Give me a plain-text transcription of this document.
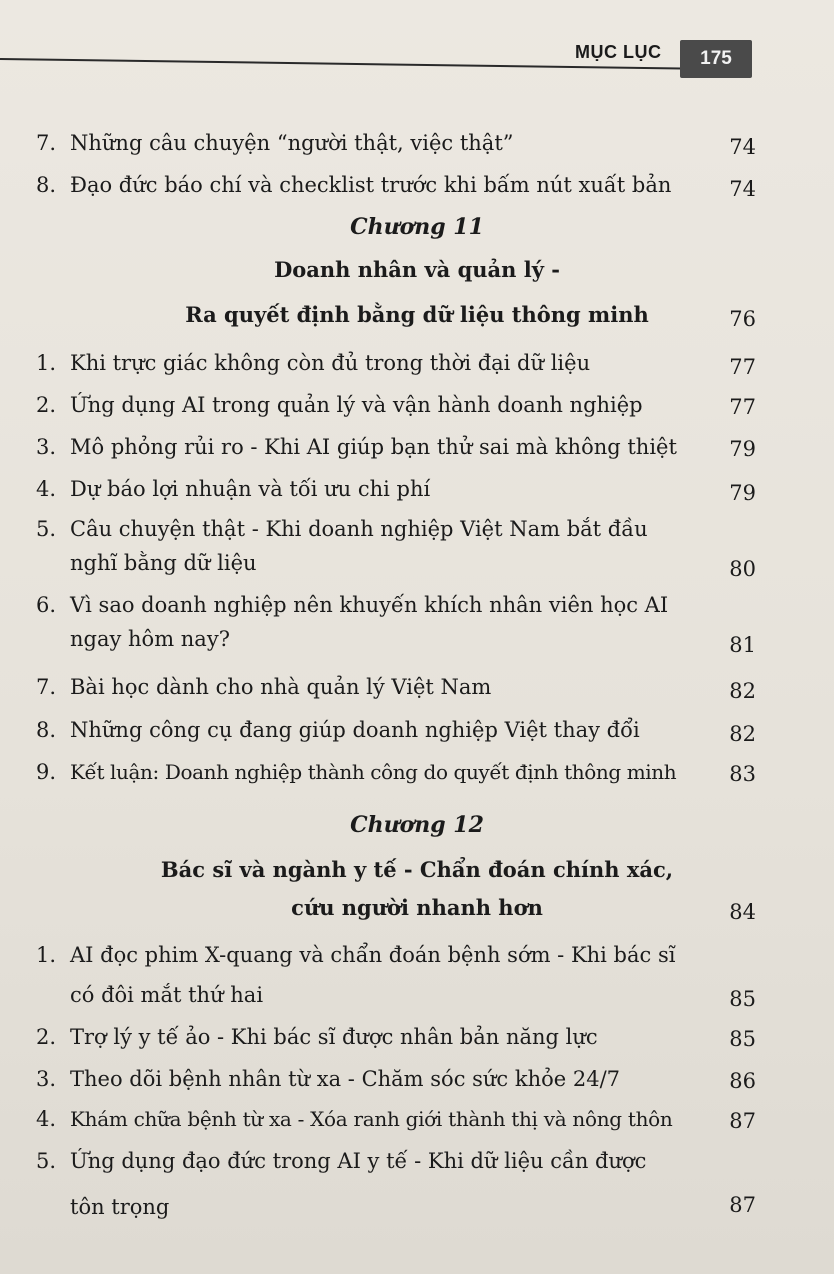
MỤC LỤC	175
7. Những câu chuyện “người thật, việc thật”	74
8. Đạo đức báo chí và checklist trước khi bấm nút xuất bản	74
Chương 11
Doanh nhân và quản lý -
Ra quyết định bằng dữ liệu thông minh	76
1. Khi trực giác không còn đủ trong thời đại dữ liệu	77
2. Ứng dụng AI trong quản lý và vận hành doanh nghiệp	77
3. Mô phỏng rủi ro - Khi AI giúp bạn thử sai mà không thiệt 79
4. Dự báo lợi nhuận và tối ưu chi phí	79
5. Câu chuyện thật - Khi doanh nghiệp Việt Nam bắt đầu
nghĩ bằng dữ liệu	80
6. Vì sao doanh nghiệp nên khuyến khích nhân viên học AI
ngay hôm nay?	81
7. Bài học dành cho nhà quản lý Việt Nam	82
8. Những công cụ đang giúp doanh nghiệp Việt thay đổi	82
9. Kết luận: Doanh nghiệp thành công do quyết định thông minh	83
Chương 12
Bác sĩ và ngành y tế - Chẩn đoán chính xác,
cứu người nhanh hơn	84
1. AI đọc phim X-quang và chẩn đoán bệnh sớm - Khi bác sĩ
có đôi mắt thứ hai	85
2. Trợ lý y tế ảo - Khi bác sĩ được nhân bản năng lực	85
3. Theo dõi bệnh nhân từ xa - Chăm sóc sức khỏe 24/7	86
4. Khám chữa bệnh từ xa - Xóa ranh giới thành thị và nông thôn	87
5. Ứng dụng đạo đức trong AI y tế - Khi dữ liệu cần được
tôn trọng	87
